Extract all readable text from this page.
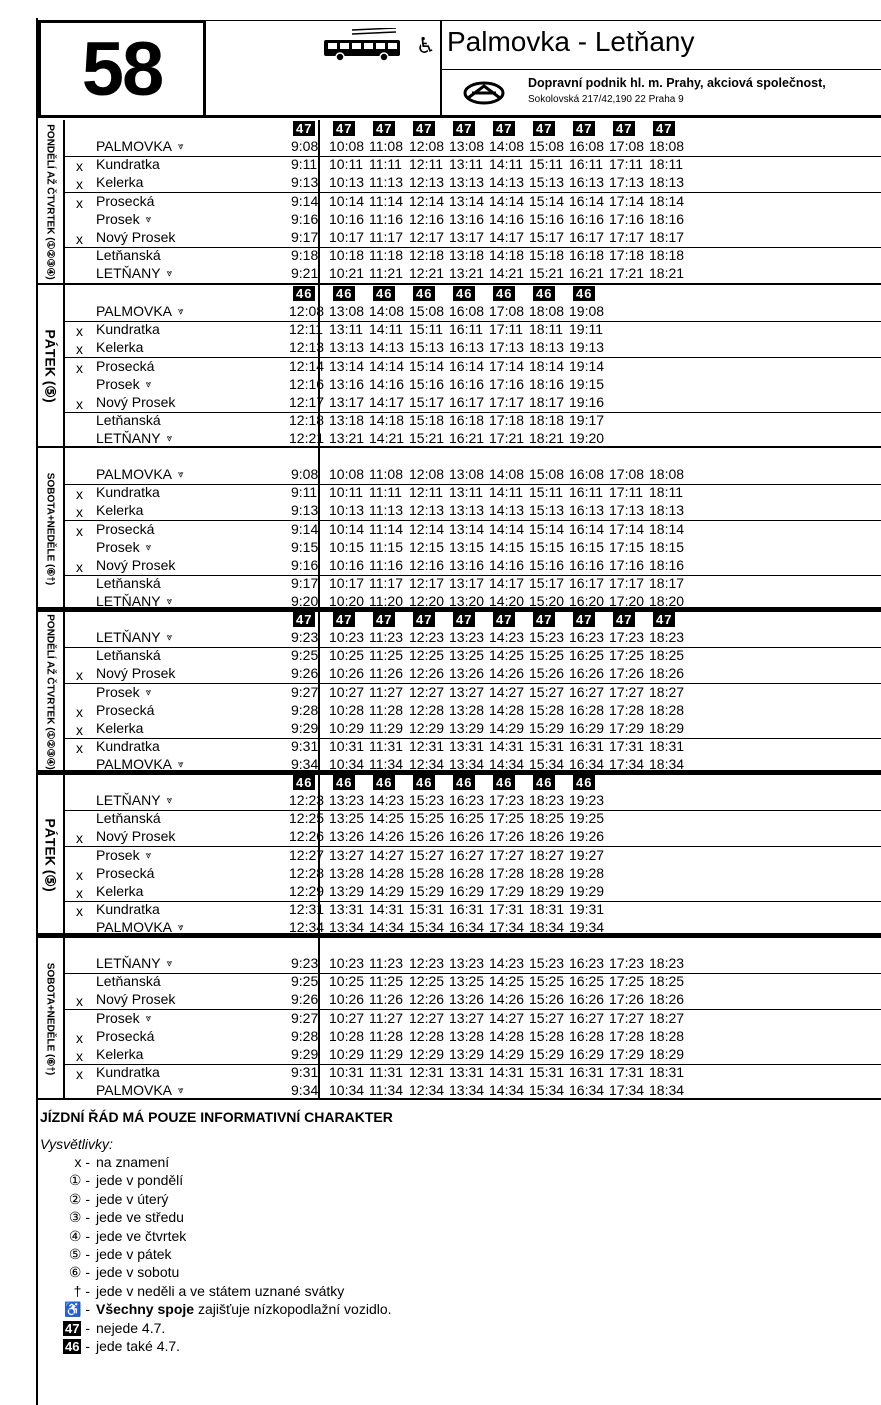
58	♿ Palmovka - Letňany
Dopravní podnik hl. m. Prahy, akciová společnost,
Sokolovská 217/42,190 22 Praha 9
PONDĚLÍ AŽ ČTVRTEK (①②③④)	47 47 47 47 47 47 47 47 47 47
PALMOVKA ⩔	9:08 10:08 11:08 12:08 13:08 14:08 15:08 16:08 17:08 18:08
x Kundratka	9:11 10:11 11:11 12:11 13:11 14:11 15:11 16:11 17:11 18:11
x Kelerka	9:13 10:13 11:13 12:13 13:13 14:13 15:13 16:13 17:13 18:13
x Prosecká	9:14 10:14 11:14 12:14 13:14 14:14 15:14 16:14 17:14 18:14
Prosek ⩔	9:16 10:16 11:16 12:16 13:16 14:16 15:16 16:16 17:16 18:16
x Nový Prosek	9:17 10:17 11:17 12:17 13:17 14:17 15:17 16:17 17:17 18:17
Letňanská	9:18 10:18 11:18 12:18 13:18 14:18 15:18 16:18 17:18 18:18
LETŇANY ⩔	9:21 10:21 11:21 12:21 13:21 14:21 15:21 16:21 17:21 18:21
PÁTEK (⑤)
46 46 46 46 46 46 46 46
PALMOVKA ⩔	12:08 13:08 14:08 15:08 16:08 17:08 18:08 19:08
x Kundratka	12:11 13:11 14:11 15:11 16:11 17:11 18:11 19:11
x Kelerka	12:13 13:13 14:13 15:13 16:13 17:13 18:13 19:13
x Prosecká	12:14 13:14 14:14 15:14 16:14 17:14 18:14 19:14
Prosek ⩔	12:16 13:16 14:16 15:16 16:16 17:16 18:16 19:15
x Nový Prosek	12:17 13:17 14:17 15:17 16:17 17:17 18:17 19:16
Letňanská	12:18 13:18 14:18 15:18 16:18 17:18 18:18 19:17
LETŇANY ⩔	12:21 13:21 14:21 15:21 16:21 17:21 18:21 19:20
SOBOTA+NEDĚLE (⑥†)	PALMOVKA ⩔	9:08 10:08 11:08 12:08 13:08 14:08 15:08 16:08 17:08 18:08
x Kundratka	9:11 10:11 11:11 12:11 13:11 14:11 15:11 16:11 17:11 18:11
x Kelerka	9:13 10:13 11:13 12:13 13:13 14:13 15:13 16:13 17:13 18:13
x Prosecká	9:14 10:14 11:14 12:14 13:14 14:14 15:14 16:14 17:14 18:14
Prosek ⩔	9:15 10:15 11:15 12:15 13:15 14:15 15:15 16:15 17:15 18:15
x Nový Prosek	9:16 10:16 11:16 12:16 13:16 14:16 15:16 16:16 17:16 18:16
Letňanská	9:17 10:17 11:17 12:17 13:17 14:17 15:17 16:17 17:17 18:17
LETŇANY ⩔	9:20 10:20 11:20 12:20 13:20 14:20 15:20 16:20 17:20 18:20
PONDĚLÍ AŽ ČTVRTEK (①②③④)	47 47 47 47 47 47 47 47 47 47
LETŇANY ⩔	9:23 10:23 11:23 12:23 13:23 14:23 15:23 16:23 17:23 18:23
Letňanská	9:25 10:25 11:25 12:25 13:25 14:25 15:25 16:25 17:25 18:25
x Nový Prosek	9:26 10:26 11:26 12:26 13:26 14:26 15:26 16:26 17:26 18:26
Prosek ⩔	9:27 10:27 11:27 12:27 13:27 14:27 15:27 16:27 17:27 18:27
x Prosecká	9:28 10:28 11:28 12:28 13:28 14:28 15:28 16:28 17:28 18:28
x Kelerka	9:29 10:29 11:29 12:29 13:29 14:29 15:29 16:29 17:29 18:29
x Kundratka	9:31 10:31 11:31 12:31 13:31 14:31 15:31 16:31 17:31 18:31
PALMOVKA ⩔	9:34 10:34 11:34 12:34 13:34 14:34 15:34 16:34 17:34 18:34
PÁTEK (⑤)
46 46 46 46 46 46 46 46
LETŇANY ⩔	12:23 13:23 14:23 15:23 16:23 17:23 18:23 19:23
Letňanská	12:25 13:25 14:25 15:25 16:25 17:25 18:25 19:25
x Nový Prosek	12:26 13:26 14:26 15:26 16:26 17:26 18:26 19:26
Prosek ⩔	12:27 13:27 14:27 15:27 16:27 17:27 18:27 19:27
x Prosecká	12:28 13:28 14:28 15:28 16:28 17:28 18:28 19:28
x Kelerka	12:29 13:29 14:29 15:29 16:29 17:29 18:29 19:29
x Kundratka	12:31 13:31 14:31 15:31 16:31 17:31 18:31 19:31
PALMOVKA ⩔	12:34 13:34 14:34 15:34 16:34 17:34 18:34 19:34
SOBOTA+NEDĚLE (⑥†)	LETŇANY ⩔	9:23 10:23 11:23 12:23 13:23 14:23 15:23 16:23 17:23 18:23
Letňanská	9:25 10:25 11:25 12:25 13:25 14:25 15:25 16:25 17:25 18:25
x Nový Prosek	9:26 10:26 11:26 12:26 13:26 14:26 15:26 16:26 17:26 18:26
Prosek ⩔	9:27 10:27 11:27 12:27 13:27 14:27 15:27 16:27 17:27 18:27
x Prosecká	9:28 10:28 11:28 12:28 13:28 14:28 15:28 16:28 17:28 18:28
x Kelerka	9:29 10:29 11:29 12:29 13:29 14:29 15:29 16:29 17:29 18:29
x Kundratka	9:31 10:31 11:31 12:31 13:31 14:31 15:31 16:31 17:31 18:31
PALMOVKA ⩔	9:34 10:34 11:34 12:34 13:34 14:34 15:34 16:34 17:34 18:34
JÍZDNÍ ŘÁD MÁ POUZE INFORMATIVNÍ CHARAKTER
Vysvětlivky:
x - na znamení
① - jede v pondělí
② - jede v úterý
③ - jede ve středu
④ - jede ve čtvrtek
⑤ - jede v pátek
⑥ - jede v sobotu
† - jede v neděli a ve státem uznané svátky
♿ - Všechny spoje zajišťuje nízkopodlažní vozidlo.
47 - nejede 4.7.
46 - jede také 4.7.
